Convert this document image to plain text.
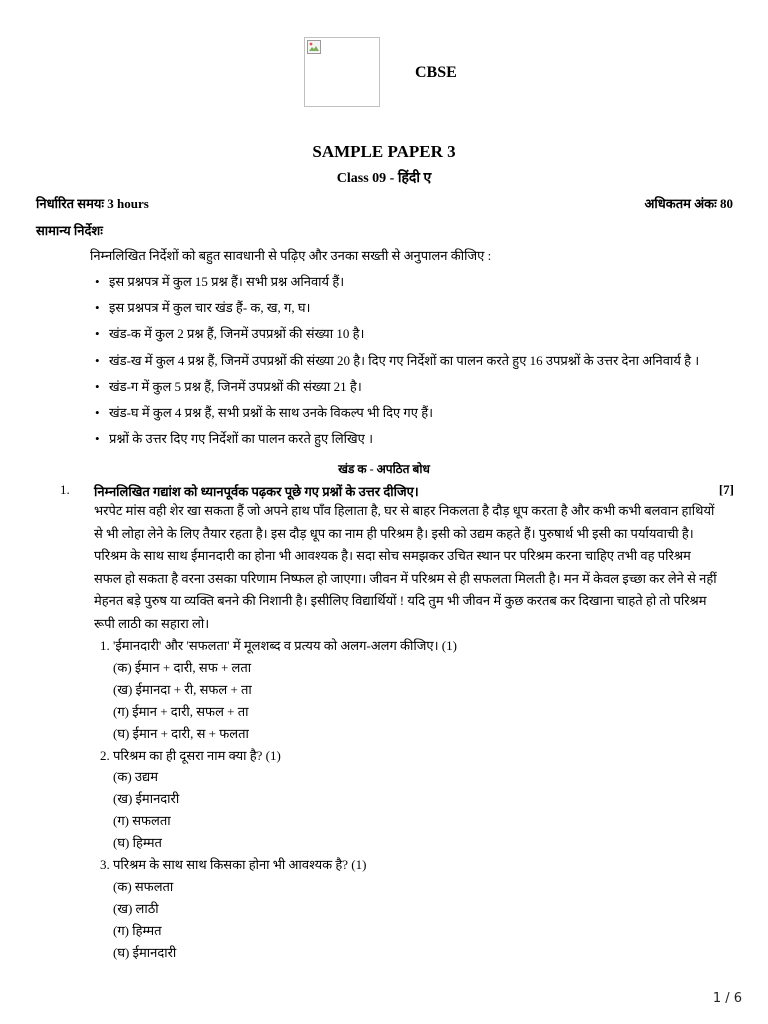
CBSE
SAMPLE PAPER 3
Class 09 - हिंदी ए
निर्धारित समयः 3 hours	अधिकतम अंकः 80
सामान्य निर्देशः
निम्नलिखित निर्देशों को बहुत सावधानी से पढ़िए और उनका सख्ती से अनुपालन कीजिए :
• इस प्रश्नपत्र में कुल 15 प्रश्न हैं। सभी प्रश्न अनिवार्य हैं।
• इस प्रश्नपत्र में कुल चार खंड हैं- क, ख, ग, घ।
• खंड-क में कुल 2 प्रश्न हैं, जिनमें उपप्रश्नों की संख्या 10 है।
• खंड-ख में कुल 4 प्रश्न हैं, जिनमें उपप्रश्नों की संख्या 20 है। दिए गए निर्देशों का पालन करते हुए 16 उपप्रश्नों के उत्तर देना अनिवार्य है ।
• खंड-ग में कुल 5 प्रश्न हैं, जिनमें उपप्रश्नों की संख्या 21 है।
• खंड-घ में कुल 4 प्रश्न हैं, सभी प्रश्नों के साथ उनके विकल्प भी दिए गए हैं।
• प्रश्नों के उत्तर दिए गए निर्देशों का पालन करते हुए लिखिए ।
खंड क - अपठित बोध
1. निम्नलिखित गद्यांश को ध्यानपूर्वक पढ़कर पूछे गए प्रश्नों के उत्तर दीजिए।	[7]
भरपेट मांस वही शेर खा सकता हैं जो अपने हाथ पाँव हिलाता है, घर से बाहर निकलता है दौड़ धूप करता है और कभी कभी बलवान हाथियों से भी लोहा लेने के लिए तैयार रहता है। इस दौड़ धूप का नाम ही परिश्रम है। इसी को उद्यम कहते हैं। पुरुषार्थ भी इसी का पर्यायवाची है। परिश्रम के साथ साथ ईमानदारी का होना भी आवश्यक है। सदा सोच समझकर उचित स्थान पर परिश्रम करना चाहिए तभी वह परिश्रम सफल हो सकता है वरना उसका परिणाम निष्फल हो जाएगा। जीवन में परिश्रम से ही सफलता मिलती है। मन में केवल इच्छा कर लेने से नहीं मेहनत बड़े पुरुष या व्यक्ति बनने की निशानी है। इसीलिए विद्यार्थियों ! यदि तुम भी जीवन में कुछ करतब कर दिखाना चाहते हो तो परिश्रम रूपी लाठी का सहारा लो।
1. 'ईमानदारी' और 'सफलता' में मूलशब्द व प्रत्यय को अलग-अलग कीजिए। (1)
(क) ईमान + दारी, सफ + लता
(ख) ईमानदा + री, सफल + ता
(ग) ईमान + दारी, सफल + ता
(घ) ईमान + दारी, स + फलता
2. परिश्रम का ही दूसरा नाम क्या है? (1)
(क) उद्यम
(ख) ईमानदारी
(ग) सफलता
(घ) हिम्मत
3. परिश्रम के साथ साथ किसका होना भी आवश्यक है? (1)
(क) सफलता
(ख) लाठी
(ग) हिम्मत
(घ) ईमानदारी
1 / 6
